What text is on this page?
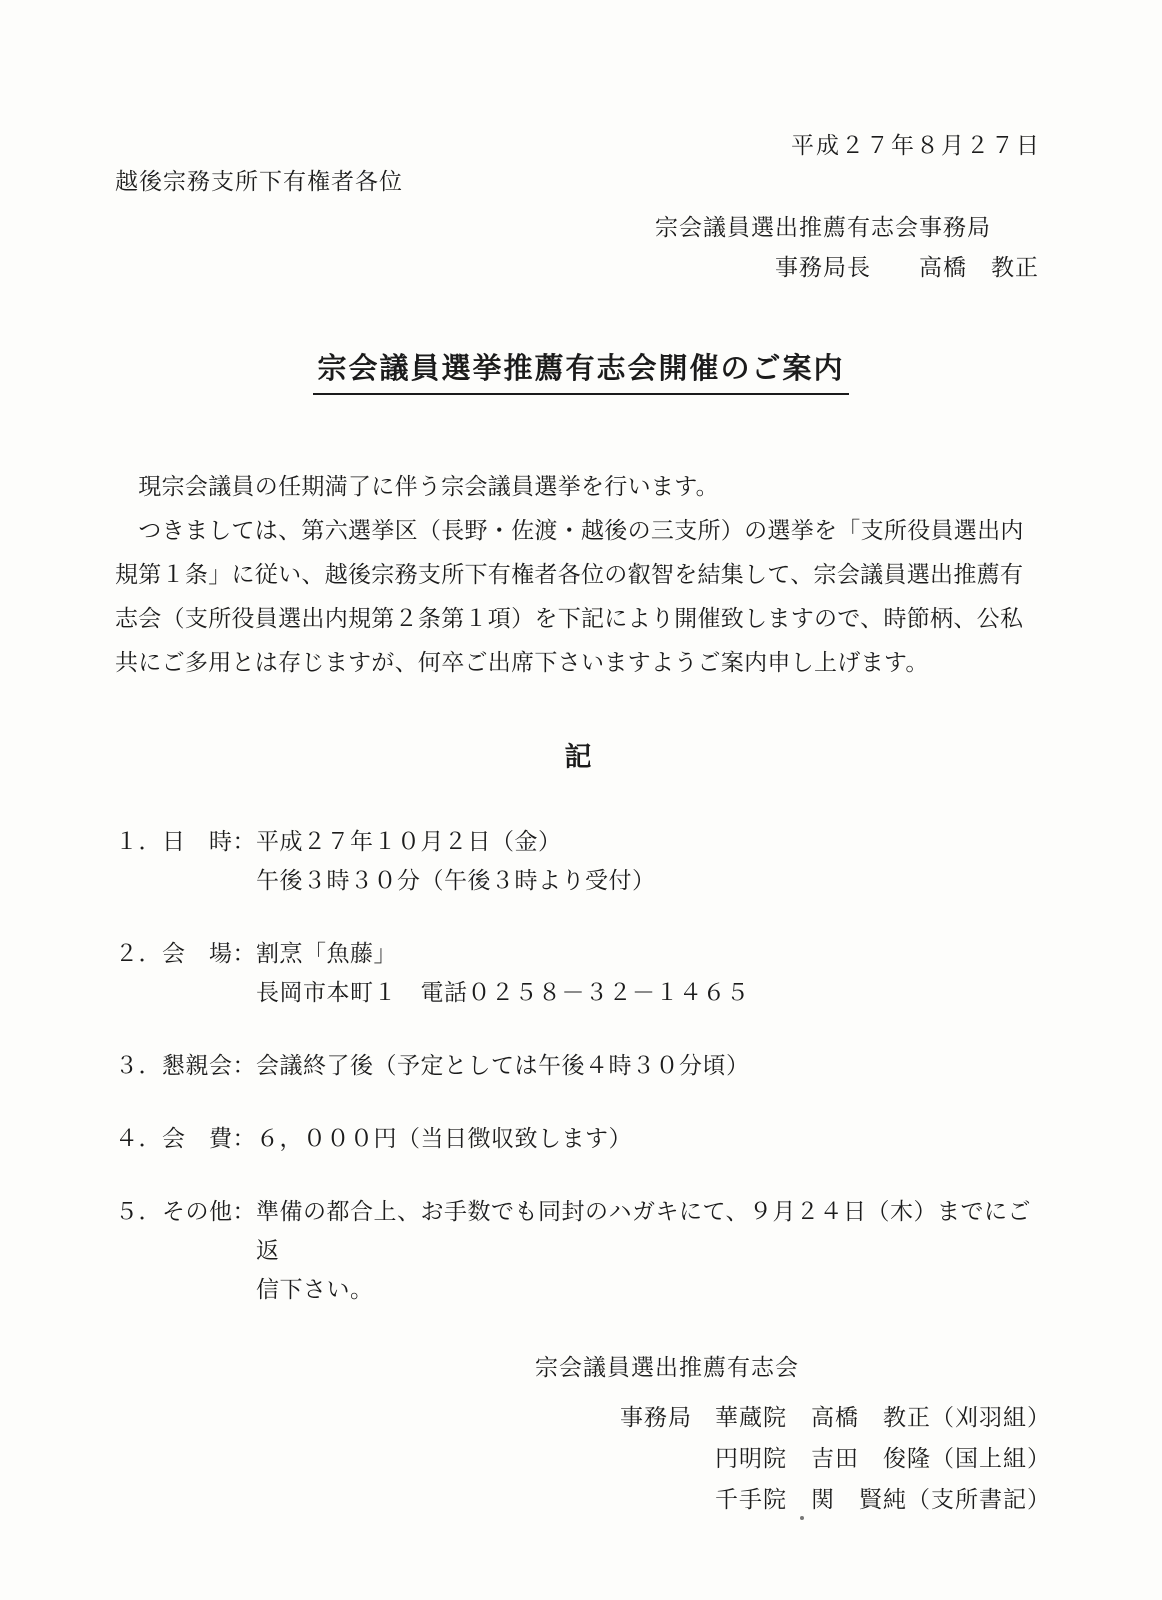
平成２７年８月２７日
越後宗務支所下有権者各位
宗会議員選出推薦有志会事務局
事務局長　　高橋　教正
宗会議員選挙推薦有志会開催のご案内

　現宗会議員の任期満了に伴う宗会議員選挙を行います。

　つきましては、第六選挙区（長野・佐渡・越後の三支所）の選挙を「支所役員選出内規第１条」に従い、越後宗務支所下有権者各位の叡智を結集して、宗会議員選出推薦有志会（支所役員選出内規第２条第１項）を下記により開催致しますので、時節柄、公私共にご多用とは存じますが、何卒ご出席下さいますようご案内申し上げます。

記
１．日　時： 平成２７年１０月２日（金）
午後３時３０分（午後３時より受付）
２．会　場： 割烹「魚藤」
長岡市本町１　電話０２５８－３２－１４６５
３．懇親会： 会議終了後（予定としては午後４時３０分頃）
４．会　費： ６，０００円（当日徴収致します）
５．その他： 準備の都合上、お手数でも同封のハガキにて、９月２４日（木）までにご返
信下さい。
宗会議員選出推薦有志会
事務局 華蔵院　高橋　教正（刈羽組）
円明院　吉田　俊隆（国上組）
千手院　関　賢純（支所書記）
